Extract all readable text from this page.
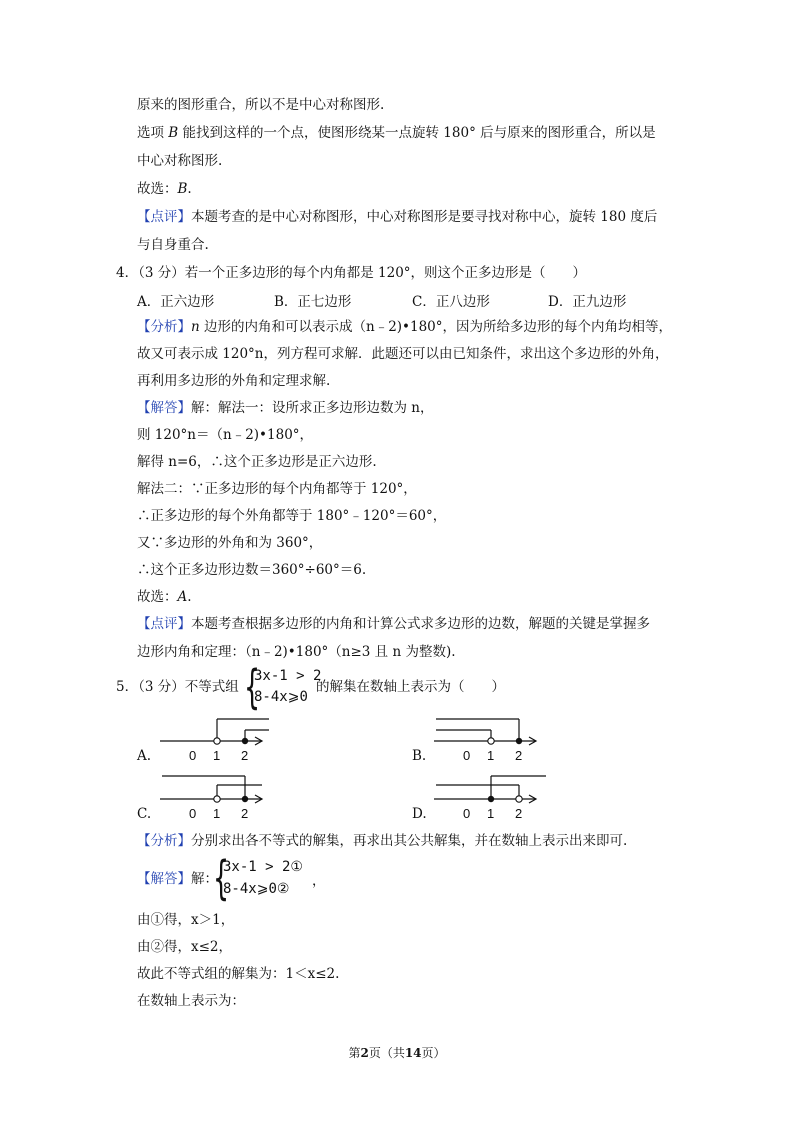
原来的图形重合，所以不是中心对称图形.
选项 B 能找到这样的一个点，使图形绕某一点旋转 180° 后与原来的图形重合，所以是
中心对称图形.
故选：B.
【点评】本题考查的是中心对称图形，中心对称图形是要寻找对称中心，旋转 180 度后
与自身重合.
4．（3 分）若一个正多边形的每个内角都是 120°，则这个正多边形是（　　）
A．正六边形	B．正七边形	C．正八边形	D．正九边形
【分析】n 边形的内角和可以表示成（n﹣2)•180°，因为所给多边形的每个内角均相等，
故又可表示成 120°n，列方程可求解．此题还可以由已知条件，求出这个多边形的外角，
再利用多边形的外角和定理求解.
【解答】解：解法一：设所求正多边形边数为 n，
则 120°n＝（n﹣2)•180°，
解得 n=6，∴这个正多边形是正六边形.
解法二：∵正多边形的每个内角都等于 120°，
∴正多边形的每个外角都等于 180°﹣120°＝60°，
又∵多边形的外角和为 360°，
∴这个正多边形边数＝360°÷60°＝6.
故选：A.
【点评】本题考查根据多边形的内角和计算公式求多边形的边数，解题的关键是掌握多
边形内角和定理：（n﹣2)•180°（n≥3 且 n 为整数).
5．（3 分）不等式组 {
3x-1 > 2
8-4x⩾0
的解集在数轴上表示为（　　）
A.	0 1 2	B.	0 1 2
C.	0 1 2	D.	0 1 2
【分析】分别求出各不等式的解集，再求出其公共解集，并在数轴上表示出来即可.
【解答】解：
{
3x-1 > 2①
8-4x⩾0② ，
由①得，x＞1，
由②得，x≤2，
故此不等式组的解集为：1＜x≤2.
在数轴上表示为：
第2页（共14页）
